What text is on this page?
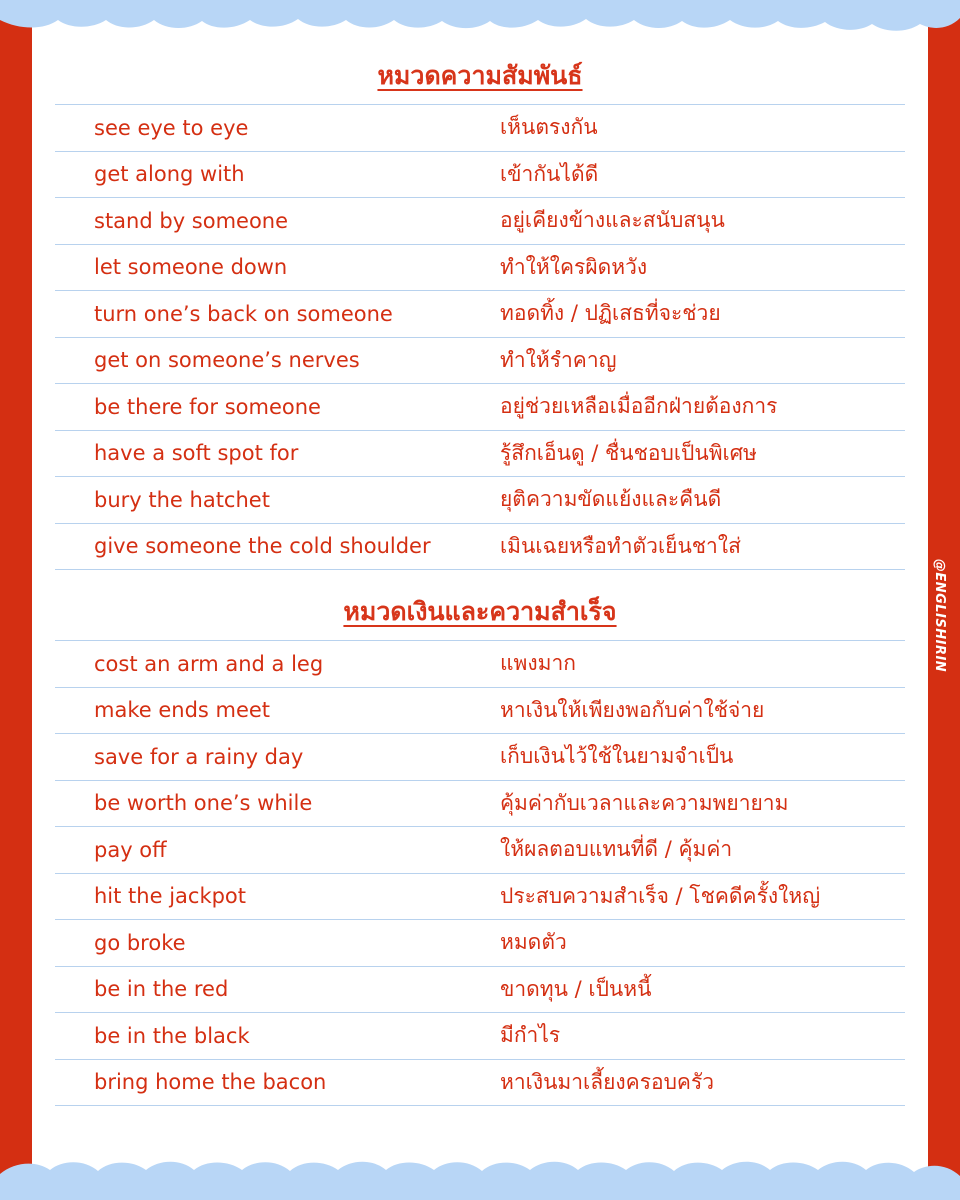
@ENGLISHIRIN
หมวดความสัมพันธ์
see eye to eye	เห็นตรงกัน
get along with	เข้ากันได้ดี
stand by someone	อยู่เคียงข้างและสนับสนุน
let someone down	ทำให้ใครผิดหวัง
turn one’s back on someone	ทอดทิ้ง / ปฏิเสธที่จะช่วย
get on someone’s nerves	ทำให้รำคาญ
be there for someone	อยู่ช่วยเหลือเมื่ออีกฝ่ายต้องการ
have a soft spot for	รู้สึกเอ็นดู / ชื่นชอบเป็นพิเศษ
bury the hatchet	ยุติความขัดแย้งและคืนดี
give someone the cold shoulder	เมินเฉยหรือทำตัวเย็นชาใส่
หมวดเงินและความสำเร็จ
cost an arm and a leg	แพงมาก
make ends meet	หาเงินให้เพียงพอกับค่าใช้จ่าย
save for a rainy day	เก็บเงินไว้ใช้ในยามจำเป็น
be worth one’s while	คุ้มค่ากับเวลาและความพยายาม
pay off	ให้ผลตอบแทนที่ดี / คุ้มค่า
hit the jackpot	ประสบความสำเร็จ / โชคดีครั้งใหญ่
go broke	หมดตัว
be in the red	ขาดทุน / เป็นหนี้
be in the black	มีกำไร
bring home the bacon	หาเงินมาเลี้ยงครอบครัว
